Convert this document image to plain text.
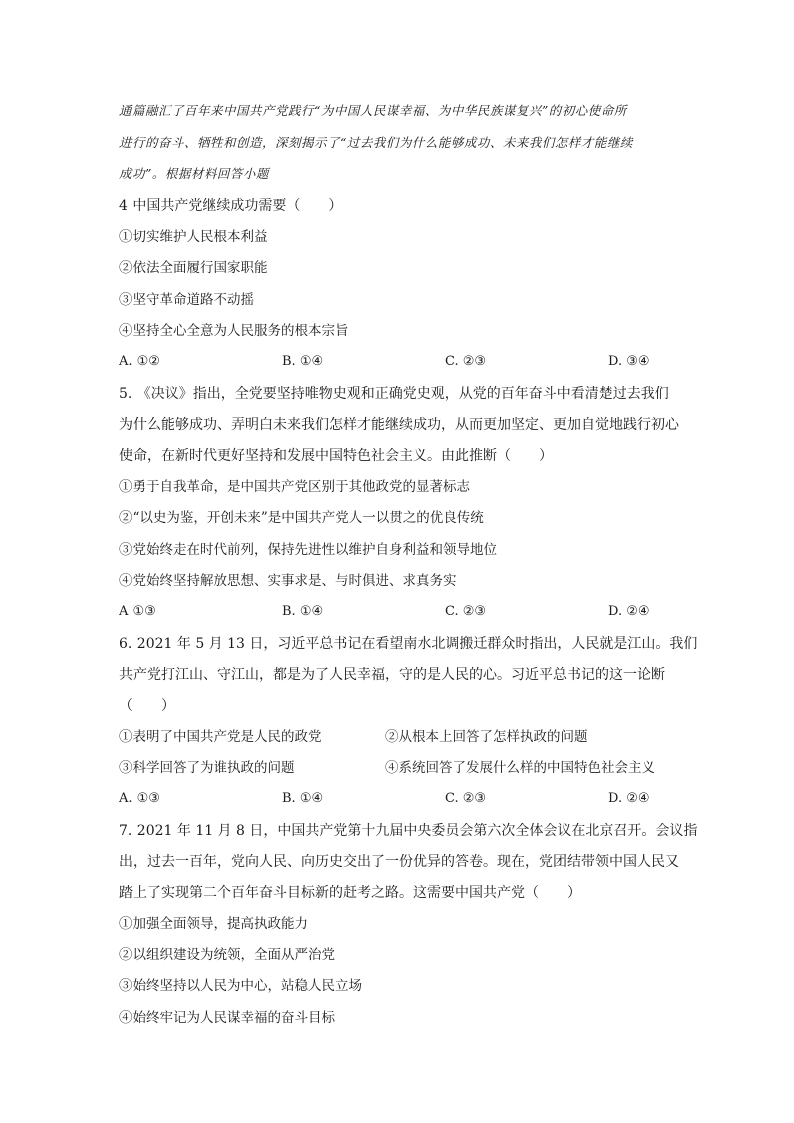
通篇融汇了百年来中国共产党践行“为中国人民谋幸福、为中华民族谋复兴”的初心使命所
进行的奋斗、牺牲和创造，深刻揭示了“过去我们为什么能够成功、未来我们怎样才能继续
成功”。根据材料回答小题
4 中国共产党继续成功需要（　　）
①切实维护人民根本利益
②依法全面履行国家职能
③坚守革命道路不动摇
④坚持全心全意为人民服务的根本宗旨
A. ①②	B. ①④	C. ②③	D. ③④
5. 《决议》指出，全党要坚持唯物史观和正确党史观，从党的百年奋斗中看清楚过去我们
为什么能够成功、弄明白未来我们怎样才能继续成功，从而更加坚定、更加自觉地践行初心
使命，在新时代更好坚持和发展中国特色社会主义。由此推断（　　）
①勇于自我革命，是中国共产党区别于其他政党的显著标志
②“以史为鉴，开创未来”是中国共产党人一以贯之的优良传统
③党始终走在时代前列，保持先进性以维护自身利益和领导地位
④党始终坚持解放思想、实事求是、与时俱进、求真务实
A ①③	B. ①④	C. ②③	D. ②④
6. 2021 年 5 月 13 日，习近平总书记在看望南水北调搬迁群众时指出，人民就是江山。我们
共产党打江山、守江山，都是为了人民幸福，守的是人民的心。习近平总书记的这一论断
（　　）
①表明了中国共产党是人民的政党	②从根本上回答了怎样执政的问题
③科学回答了为谁执政的问题	④系统回答了发展什么样的中国特色社会主义
A. ①③	B. ①④	C. ②③	D. ②④
7. 2021 年 11 月 8 日，中国共产党第十九届中央委员会第六次全体会议在北京召开。会议指
出，过去一百年，党向人民、向历史交出了一份优异的答卷。现在，党团结带领中国人民又
踏上了实现第二个百年奋斗目标新的赶考之路。这需要中国共产党（　　）
①加强全面领导，提高执政能力
②以组织建设为统领，全面从严治党
③始终坚持以人民为中心，站稳人民立场
④始终牢记为人民谋幸福的奋斗目标
